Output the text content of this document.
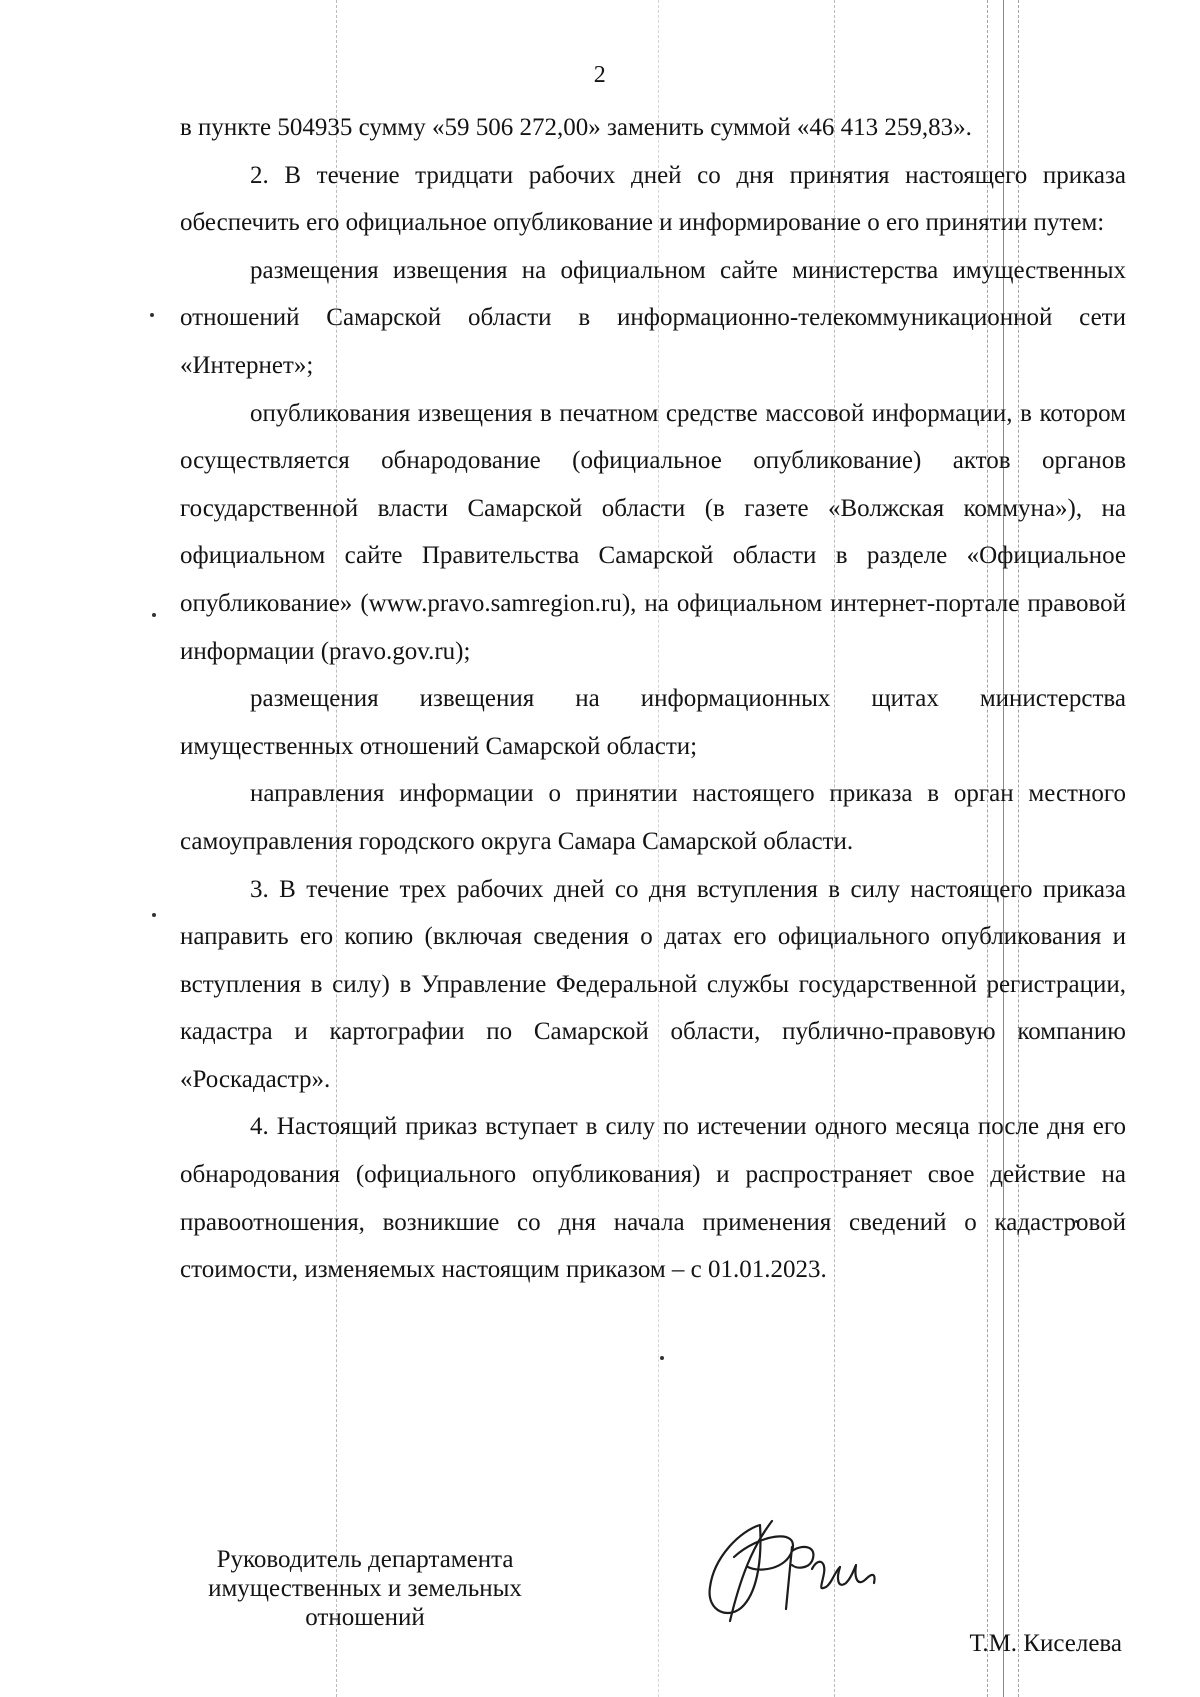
2

в пункте 504935 сумму «59 506 272,00» заменить суммой «46 413 259,83».

2. В течение тридцати рабочих дней со дня принятия настоящего приказа обеспечить его официальное опубликование и информирование о его принятии путем:

размещения извещения на официальном сайте министерства имущественных отношений Самарской области в информационно-телекоммуникационной сети «Интернет»;

опубликования извещения в печатном средстве массовой информации, в котором осуществляется обнародование (официальное опубликование) актов органов государственной власти Самарской области (в газете «Волжская коммуна»), на официальном сайте Правительства Самарской области в разделе «Официальное опубликование» (www.pravo.samregion.ru), на официальном интернет-портале правовой информации (pravo.gov.ru);

размещения извещения на информационных щитах министерства имущественных отношений Самарской области;

направления информации о принятии настоящего приказа в орган местного самоуправления городского округа Самара Самарской области.

3. В течение трех рабочих дней со дня вступления в силу настоящего приказа направить его копию (включая сведения о датах его официального опубликования и вступления в силу) в Управление Федеральной службы государственной регистрации, кадастра и картографии по Самарской области, публично-правовую компанию «Роскадастр».

4. Настоящий приказ вступает в силу по истечении одного месяца после дня его обнародования (официального опубликования) и распространяет свое действие на правоотношения, возникшие со дня начала применения сведений о кадастровой стоимости, изменяемых настоящим приказом – с 01.01.2023.

Руководитель департамента
имущественных и земельных
отношений
Т.М. Киселева
